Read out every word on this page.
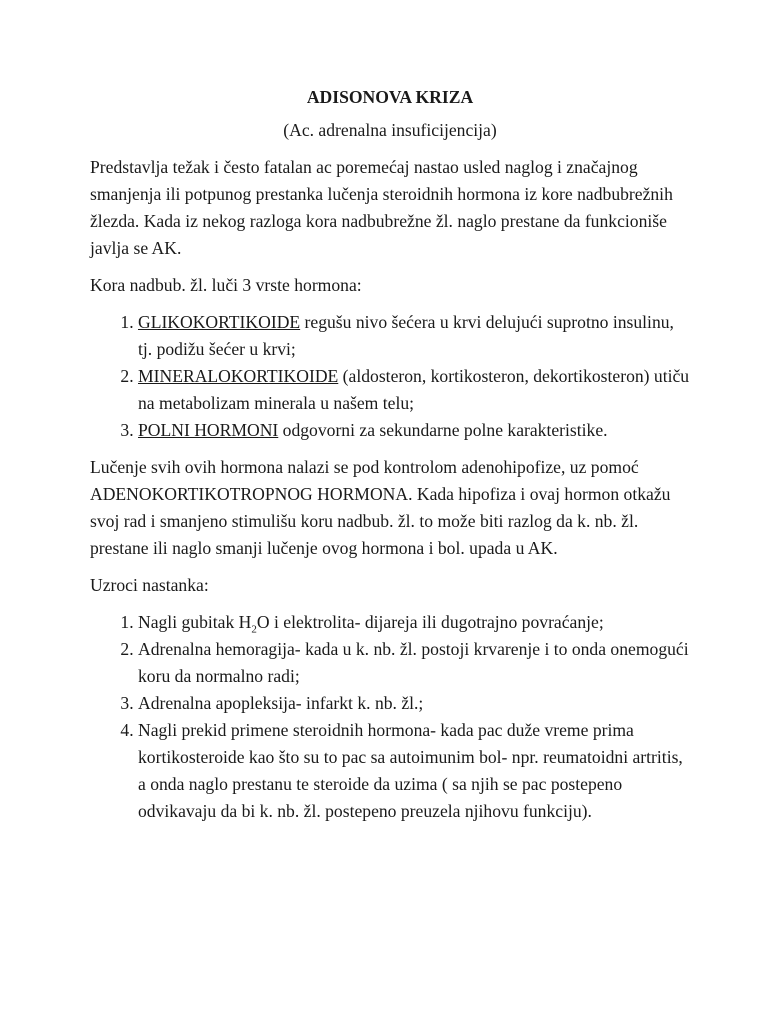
ADISONOVA KRIZA
(Ac. adrenalna insuficijencija)

Predstavlja težak i često fatalan ac poremećaj nastao usled naglog i značajnog smanjenja ili potpunog prestanka lučenja steroidnih hormona iz kore nadbubrežnih žlezda. Kada iz nekog razloga kora nadbubrežne žl. naglo prestane da funkcioniše javlja se AK.

Kora nadbub. žl. luči 3 vrste hormona:

1. GLIKOKORTIKOIDE regušu nivo šećera u krvi delujući suprotno insulinu, tj. podižu šećer u krvi;
2. MINERALOKORTIKOIDE (aldosteron, kortikosteron, dekortikosteron) utiču na metabolizam minerala u našem telu;
3. POLNI HORMONI odgovorni za sekundarne polne karakteristike.

Lučenje svih ovih hormona nalazi se pod kontrolom adenohipofize, uz pomoć ADENOKORTIKOTROPNOG HORMONA. Kada hipofiza i ovaj hormon otkažu svoj rad i smanjeno stimulišu koru nadbub. žl. to može biti razlog da k. nb. žl. prestane ili naglo smanji lučenje ovog hormona i bol. upada u AK.

Uzroci nastanka:

1. Nagli gubitak $H_2O$ i elektrolita- dijareja ili dugotrajno povraćanje;
2. Adrenalna hemoragija- kada u k. nb. žl. postoji krvarenje i to onda onemogući koru da normalno radi;
3. Adrenalna apopleksija- infarkt k. nb. žl.;
4. Nagli prekid primene steroidnih hormona- kada pac duže vreme prima kortikosteroide kao što su to pac sa autoimunim bol- npr. reumatoidni artritis, a onda naglo prestanu te steroide da uzima ( sa njih se pac postepeno odvikavaju da bi k. nb. žl. postepeno preuzela njihovu funkciju).
